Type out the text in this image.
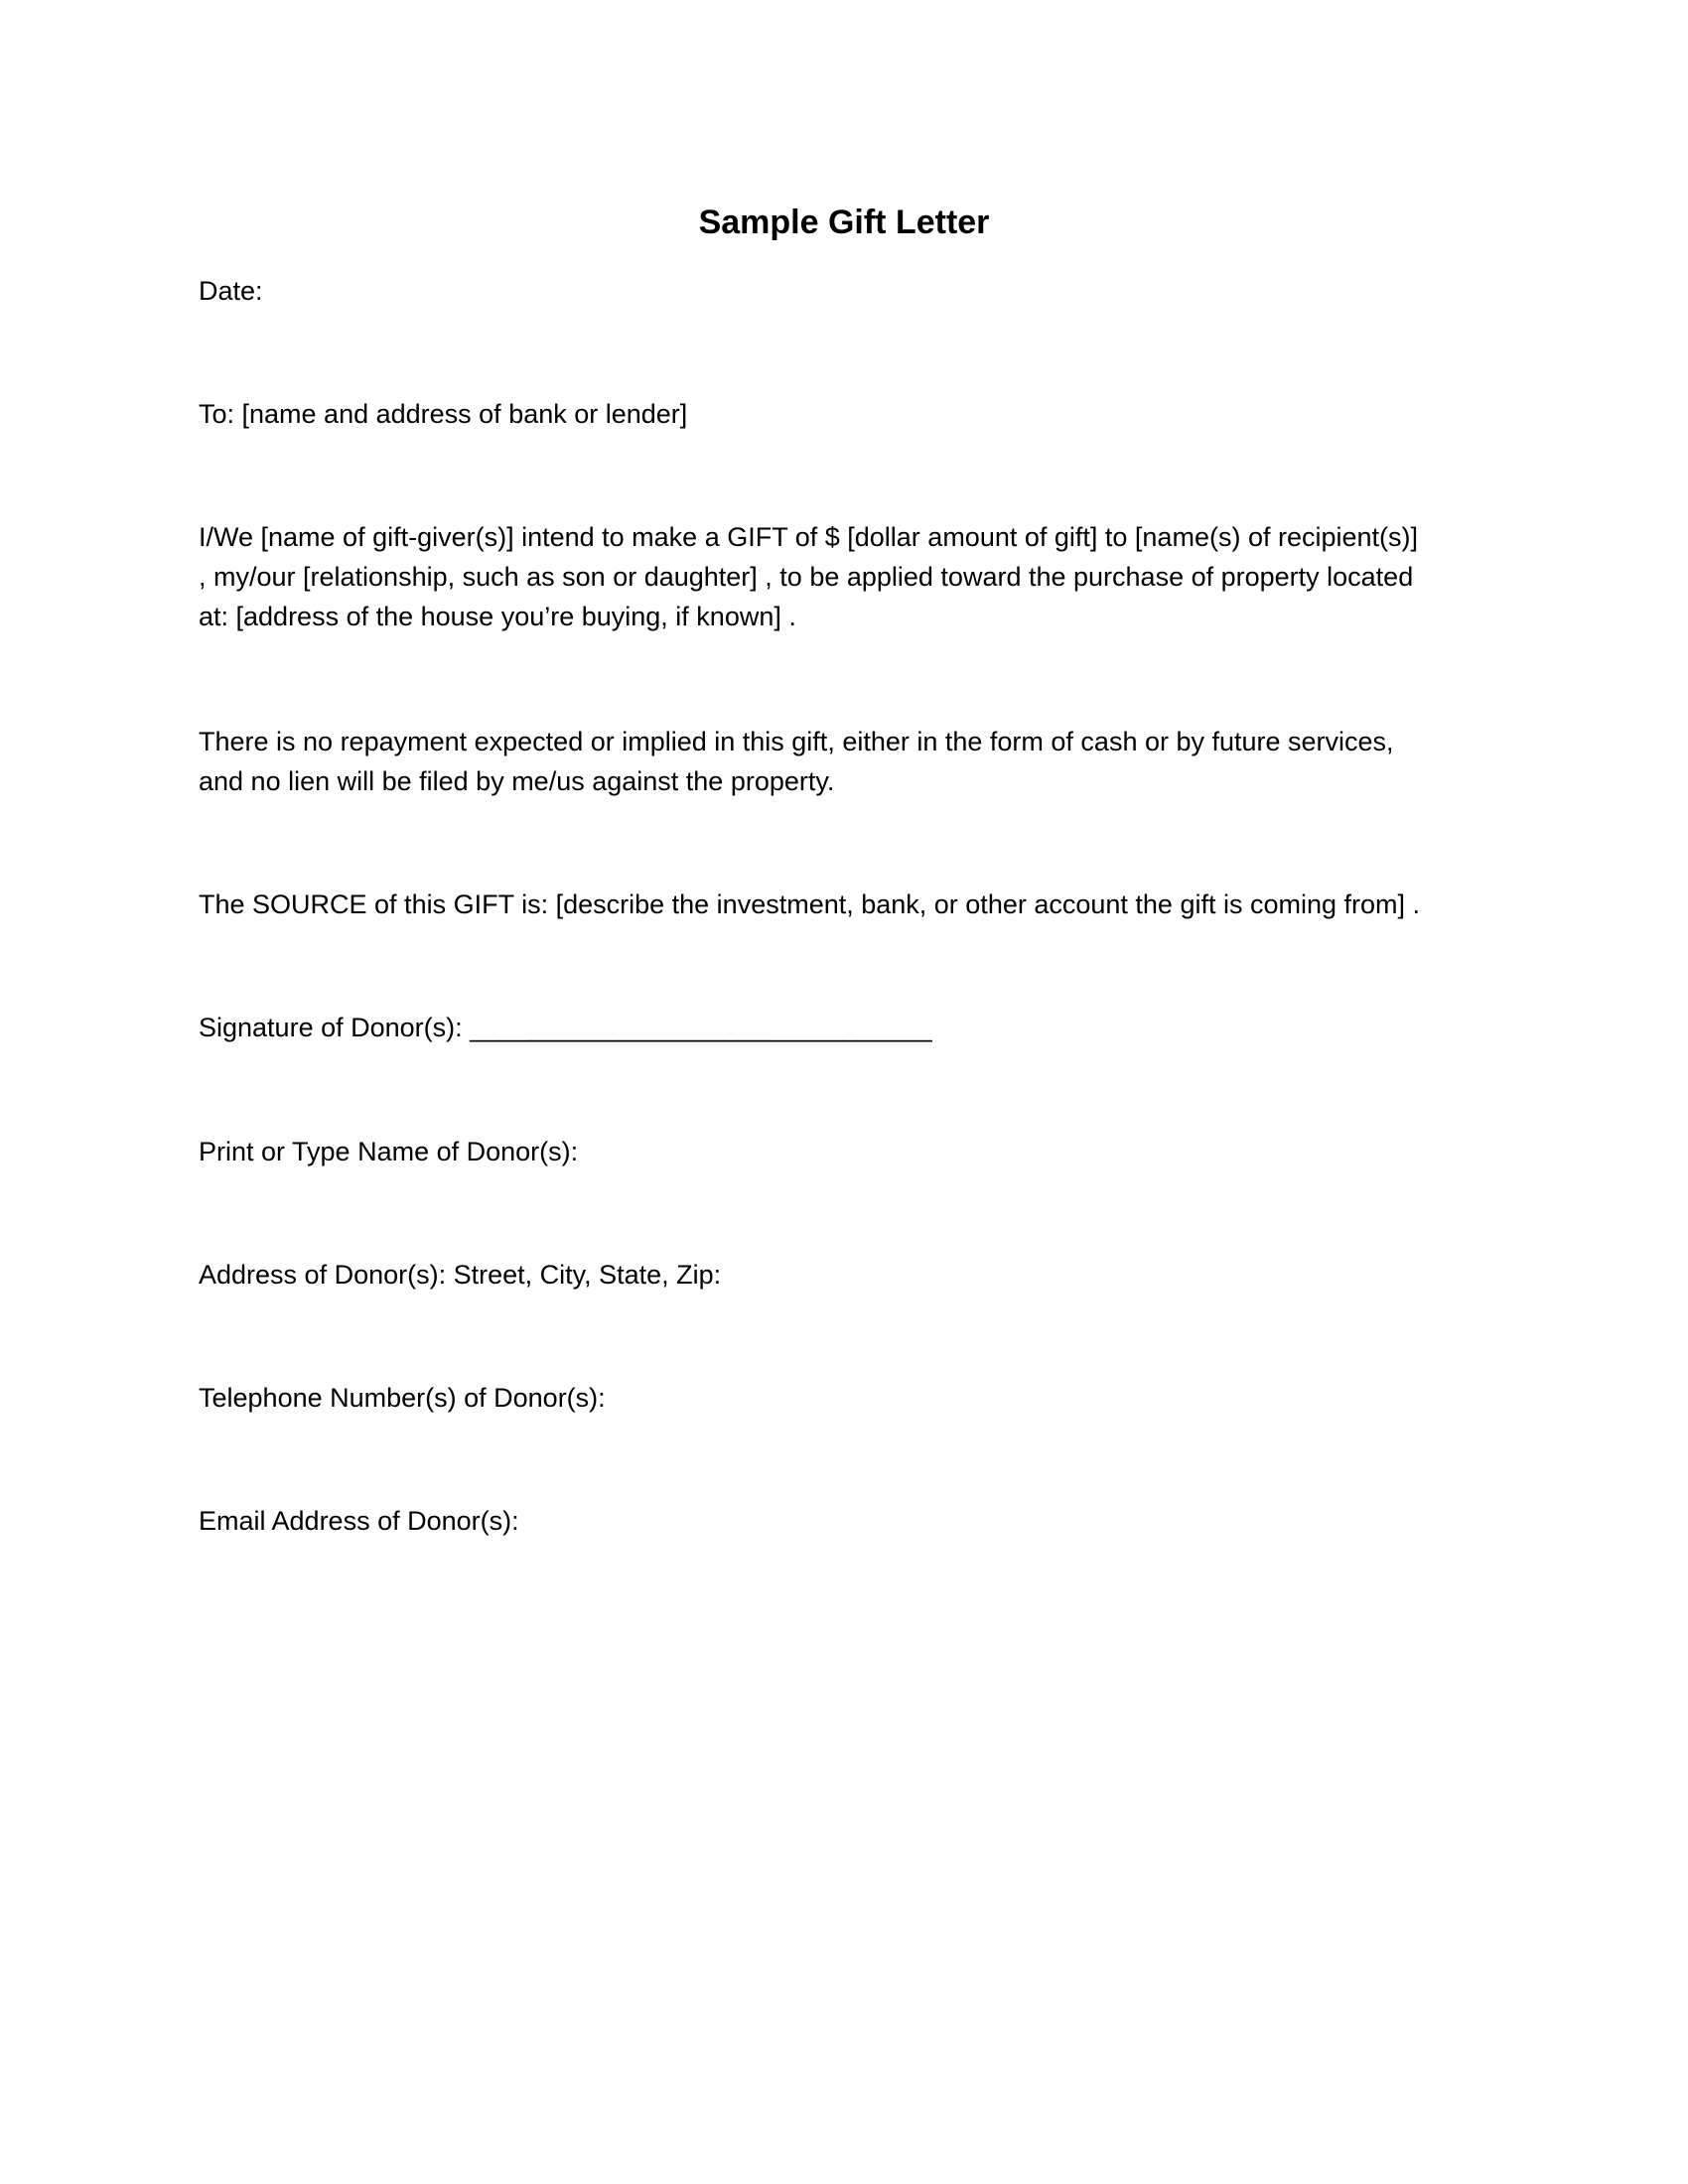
Sample Gift Letter

Date:

To: [name and address of bank or lender]

I/We [name of gift-giver(s)] intend to make a GIFT of $ [dollar amount of gift] to [name(s) of recipient(s)]
, my/our [relationship, such as son or daughter] , to be applied toward the purchase of property located
at: [address of the house you’re buying, if known] .

There is no repayment expected or implied in this gift, either in the form of cash or by future services,
and no lien will be filed by me/us against the property.

The SOURCE of this GIFT is: [describe the investment, bank, or other account the gift is coming from] .

Signature of Donor(s): _______________________________

Print or Type Name of Donor(s):

Address of Donor(s): Street, City, State, Zip:

Telephone Number(s) of Donor(s):

Email Address of Donor(s):
